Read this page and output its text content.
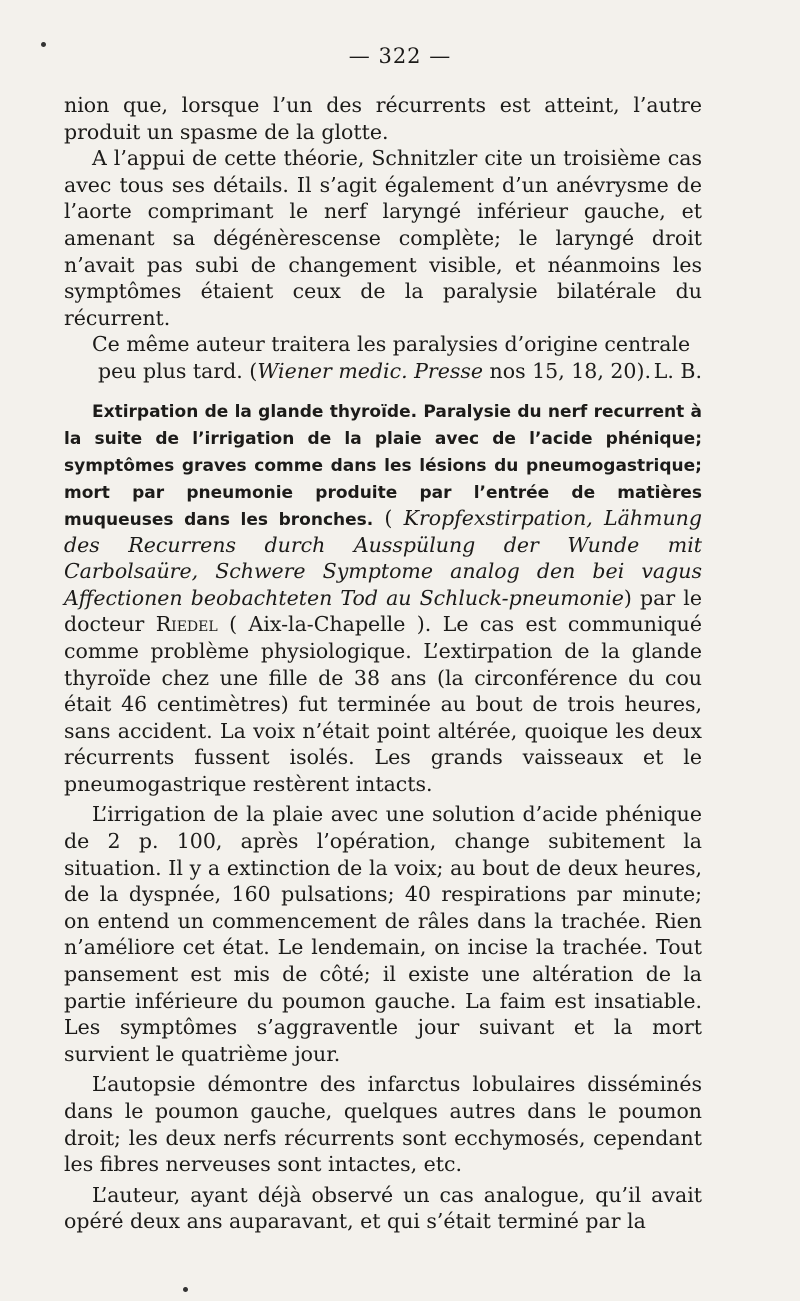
— 322 —

nion que, lorsque l’un des récurrents est atteint, l’autre produit un spasme de la glotte.

A l’appui de cette théorie, Schnitzler cite un troisième cas avec tous ses détails. Il s’agit également d’un anévrysme de l’aorte comprimant le nerf laryngé inférieur gauche, et amenant sa dégénèrescense complète; le laryngé droit n’avait pas subi de changement visible, et néanmoins les symptômes étaient ceux de la paralysie bilatérale du récurrent.

Ce même auteur traitera les paralysies d’origine centrale

peu plus tard. (Wiener medic. Presse nos 15, 18, 20). L. B.

Extirpation de la glande thyroïde. Paralysie du nerf recurrent à la suite de l’irrigation de la plaie avec de l’acide phénique; symptômes graves comme dans les lésions du pneumogastrique; mort par pneumonie produite par l’entrée de matières muqueuses dans les bronches. ( Kropfexstirpation, Lähmung des Recurrens durch Ausspülung der Wunde mit Carbolsaüre, Schwere Symptome analog den bei vagus Affectionen beobachteten Tod au Schluck-pneumonie) par le docteur Riedel ( Aix-la-Chapelle ). Le cas est communiqué comme problème physiologique. L’extirpation de la glande thyroïde chez une fille de 38 ans (la circonférence du cou était 46 centimètres) fut terminée au bout de trois heures, sans accident. La voix n’était point altérée, quoique les deux récurrents fussent isolés. Les grands vaisseaux et le pneumogastrique restèrent intacts.

L’irrigation de la plaie avec une solution d’acide phénique de 2 p. 100, après l’opération, change subitement la situation. Il y a extinction de la voix; au bout de deux heures, de la dyspnée, 160 pulsations; 40 respirations par minute; on entend un commencement de râles dans la trachée. Rien n’améliore cet état. Le lendemain, on incise la trachée. Tout pansement est mis de côté; il existe une altération de la partie inférieure du poumon gauche. La faim est insatiable. Les symptômes s’aggraventle jour suivant et la mort survient le quatrième jour.

L’autopsie démontre des infarctus lobulaires disséminés dans le poumon gauche, quelques autres dans le poumon droit; les deux nerfs récurrents sont ecchymosés, cependant les fibres nerveuses sont intactes, etc.

L’auteur, ayant déjà observé un cas analogue, qu’il avait opéré deux ans auparavant, et qui s’était terminé par la
